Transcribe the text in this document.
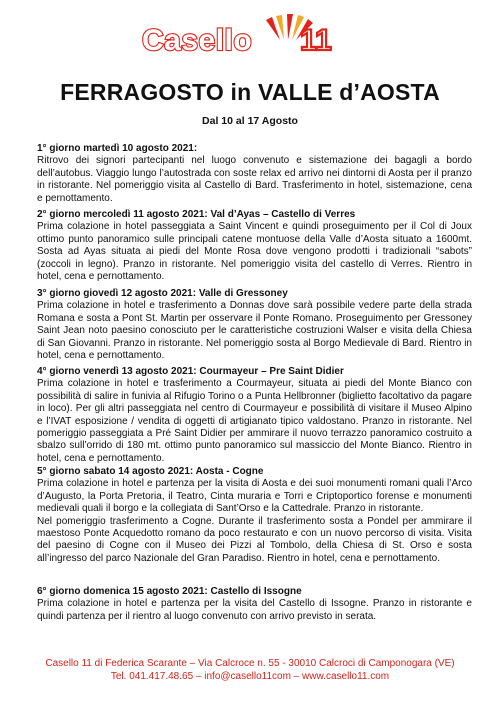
Casello 11
FERRAGOSTO in VALLE d’AOSTA
Dal 10 al 17 Agosto
1° giorno martedì 10 agosto 2021:

Ritrovo dei signori partecipanti nel luogo convenuto e sistemazione dei bagagli a bordo dell’autobus. Viaggio lungo l’autostrada con soste relax ed arrivo nei dintorni di Aosta per il pranzo in ristorante. Nel pomeriggio visita al Castello di Bard. Trasferimento in hotel, sistemazione, cena e pernottamento.

2° giorno mercoledì 11 agosto 2021: Val d’Ayas – Castello di Verres

Prima colazione in hotel passeggiata a Saint Vincent e quindi proseguimento per il Col di Joux ottimo punto panoramico sulle principali catene montuose della Valle d’Aosta situato a 1600mt. Sosta ad Ayas situata ai piedi del Monte Rosa dove vengono prodotti i tradizionali “sabots” (zoccoli in legno). Pranzo in ristorante. Nel pomeriggio visita del castello di Verres. Rientro in hotel, cena e pernottamento.

3° giorno giovedì 12 agosto 2021: Valle di Gressoney

Prima colazione in hotel e trasferimento a Donnas dove sarà possibile vedere parte della strada Romana e sosta a Pont St. Martin per osservare il Ponte Romano. Proseguimento per Gressoney Saint Jean noto paesino conosciuto per le caratteristiche costruzioni Walser e visita della Chiesa di San Giovanni. Pranzo in ristorante. Nel pomeriggio sosta al Borgo Medievale di Bard. Rientro in hotel, cena e pernottamento.

4° giorno venerdì 13 agosto 2021: Courmayeur – Pre Saint Didier

Prima colazione in hotel e trasferimento a Courmayeur, situata ai piedi del Monte Bianco con possibilità di salire in funivia al Rifugio Torino o a Punta Hellbronner (biglietto facoltativo da pagare in loco). Per gli altri passeggiata nel centro di Courmayeur e possibilità di visitare il Museo Alpino e l’IVAT esposizione / vendita di oggetti di artigianato tipico valdostano. Pranzo in ristorante. Nel pomeriggio passeggiata a Pré Saint Didier per ammirare il nuovo terrazzo panoramico costruito a sbalzo sull’orrido di 180 mt. ottimo punto panoramico sul massiccio del Monte Bianco. Rientro in hotel, cena e pernottamento.

5° giorno sabato 14 agosto 2021: Aosta - Cogne

Prima colazione in hotel e partenza per la visita di Aosta e dei suoi monumenti romani quali l’Arco d’Augusto, la Porta Pretoria, il Teatro, Cinta muraria e Torri e Criptoportico forense e monumenti medievali quali il borgo e la collegiata di Sant’Orso e la Cattedrale. Pranzo in ristorante.

Nel pomeriggio trasferimento a Cogne. Durante il trasferimento sosta a Pondel per ammirare il maestoso Ponte Acquedotto romano da poco restaurato e con un nuovo percorso di visita. Visita del paesino di Cogne con il Museo dei Pizzi al Tombolo, della Chiesa di St. Orso e sosta all’ingresso del parco Nazionale del Gran Paradiso. Rientro in hotel, cena e pernottamento.

6° giorno domenica 15 agosto 2021: Castello di Issogne

Prima colazione in hotel e partenza per la visita del Castello di Issogne. Pranzo in ristorante e quindi partenza per il rientro al luogo convenuto con arrivo previsto in serata.

Casello 11 di Federica Scarante – Via Calcroce n. 55 - 30010 Calcroci di Camponogara (VE)
Tel. 041.417.48.65 – info@casello11com – www.casello11.com
